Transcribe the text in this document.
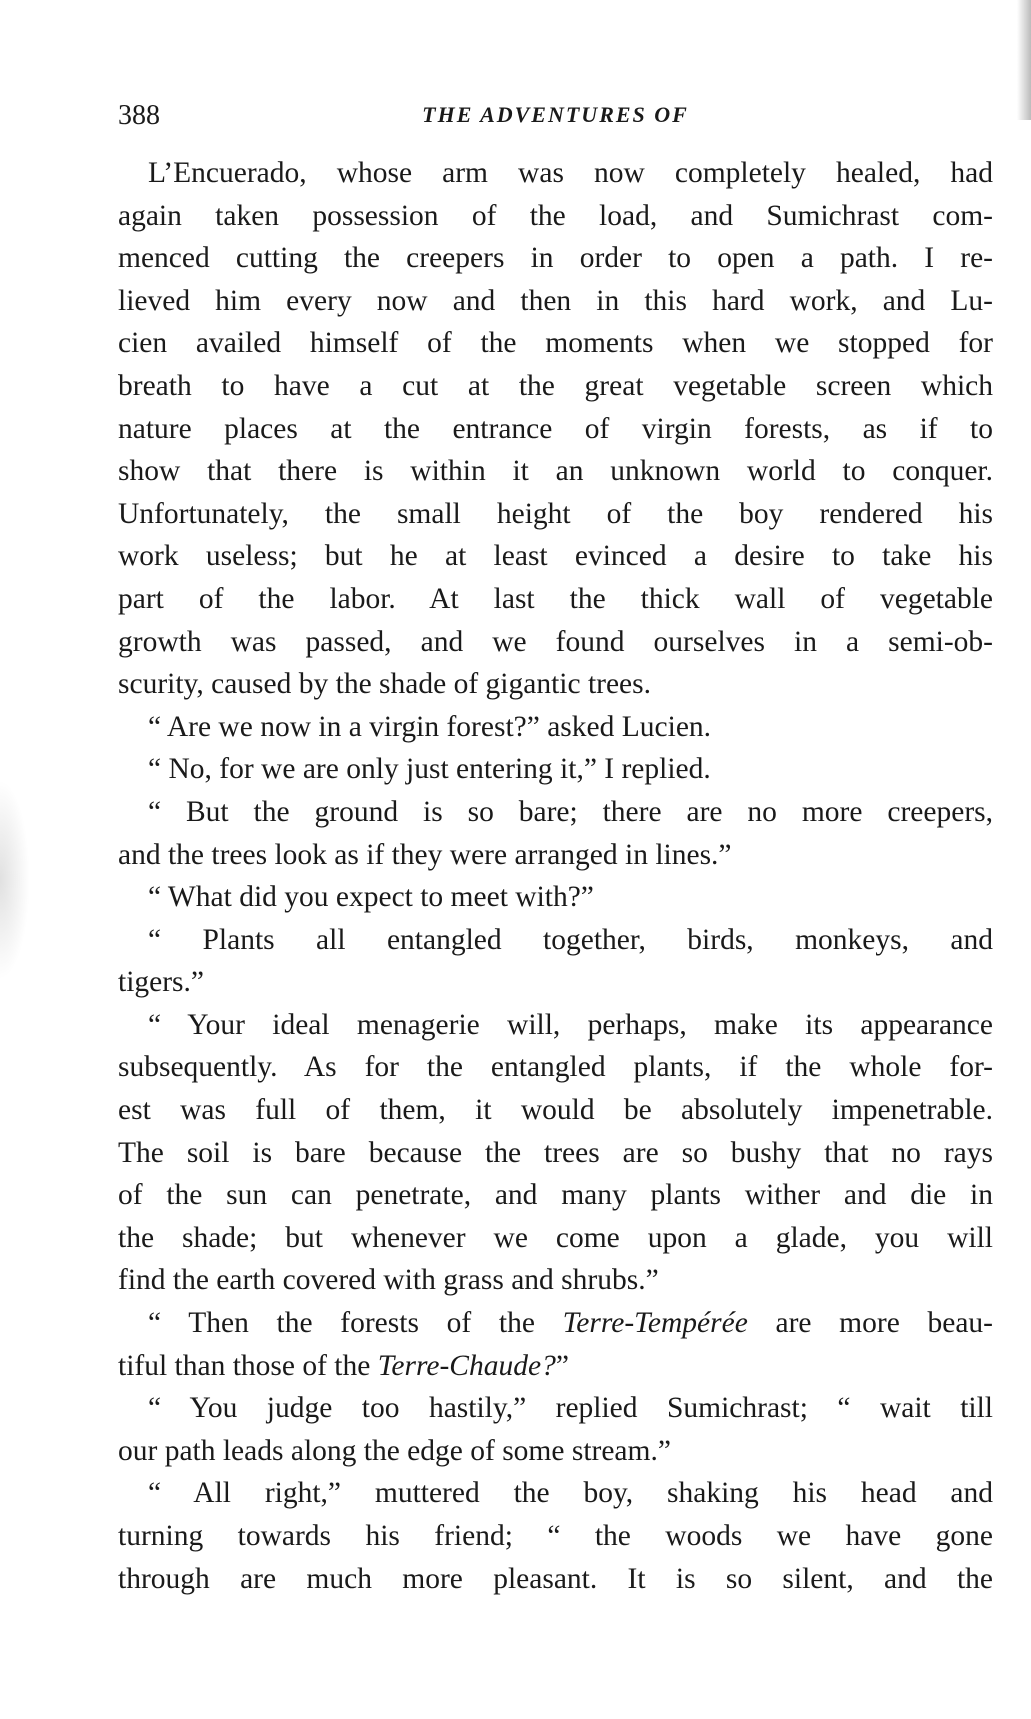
388	THE ADVENTURES OF
L’Encuerado, whose arm was now completely healed, had
again taken possession of the load, and Sumichrast com-
menced cutting the creepers in order to open a path. I re-
lieved him every now and then in this hard work, and Lu-
cien availed himself of the moments when we stopped for
breath to have a cut at the great vegetable screen which
nature places at the entrance of virgin forests, as if to
show that there is within it an unknown world to conquer.
Unfortunately, the small height of the boy rendered his
work useless; but he at least evinced a desire to take his
part of the labor. At last the thick wall of vegetable
growth was passed, and we found ourselves in a semi-ob-
scurity, caused by the shade of gigantic trees.
“ Are we now in a virgin forest?” asked Lucien.
“ No, for we are only just entering it,” I replied.
“ But the ground is so bare; there are no more creepers,
and the trees look as if they were arranged in lines.”
“ What did you expect to meet with?”
“ Plants all entangled together, birds, monkeys, and
tigers.”
“ Your ideal menagerie will, perhaps, make its appearance
subsequently. As for the entangled plants, if the whole for-
est was full of them, it would be absolutely impenetrable.
The soil is bare because the trees are so bushy that no rays
of the sun can penetrate, and many plants wither and die in
the shade; but whenever we come upon a glade, you will
find the earth covered with grass and shrubs.”
“ Then the forests of the Terre-Tempérée are more beau-
tiful than those of the Terre-Chaude?”
“ You judge too hastily,” replied Sumichrast; “ wait till
our path leads along the edge of some stream.”
“ All right,” muttered the boy, shaking his head and
turning towards his friend; “ the woods we have gone
through are much more pleasant. It is so silent, and the
